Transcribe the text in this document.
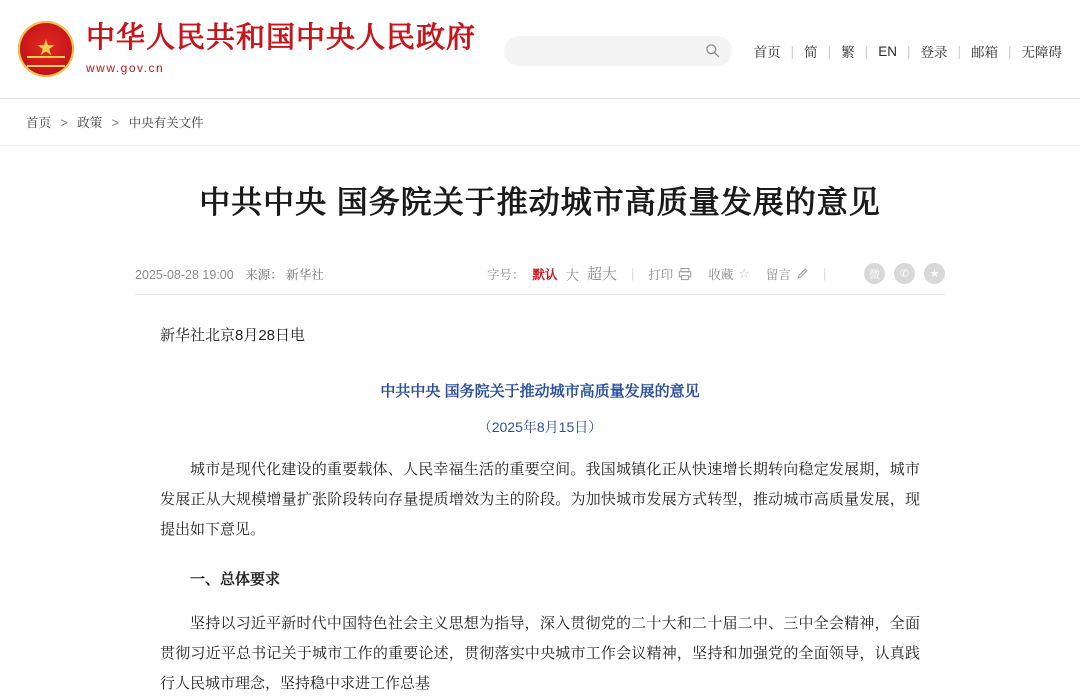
★
中华人民共和国中央人民政府
www.gov.cn
首页 | 简 | 繁 | EN | 登录 | 邮箱 | 无障碍
首页 > 政策 > 中央有关文件
中共中央 国务院关于推动城市高质量发展的意见
2025-08-28 19:00 来源： 新华社	字号： 默认 大 超大 | 打印	收藏 ☆ 留言	|	微	✆	★
新华社北京8月28日电
中共中央 国务院关于推动城市高质量发展的意见
（2025年8月15日）
城市是现代化建设的重要载体、人民幸福生活的重要空间。我国城镇化正从快速增长期转向稳定发展期，城市发展正从大规模增量扩张阶段转向存量提质增效为主的阶段。为加快城市发展方式转型，推动城市高质量发展，现提出如下意见。
一、总体要求
坚持以习近平新时代中国特色社会主义思想为指导，深入贯彻党的二十大和二十届二中、三中全会精神，全面贯彻习近平总书记关于城市工作的重要论述，贯彻落实中央城市工作会议精神，坚持和加强党的全面领导，认真践行人民城市理念，坚持稳中求进工作总基
